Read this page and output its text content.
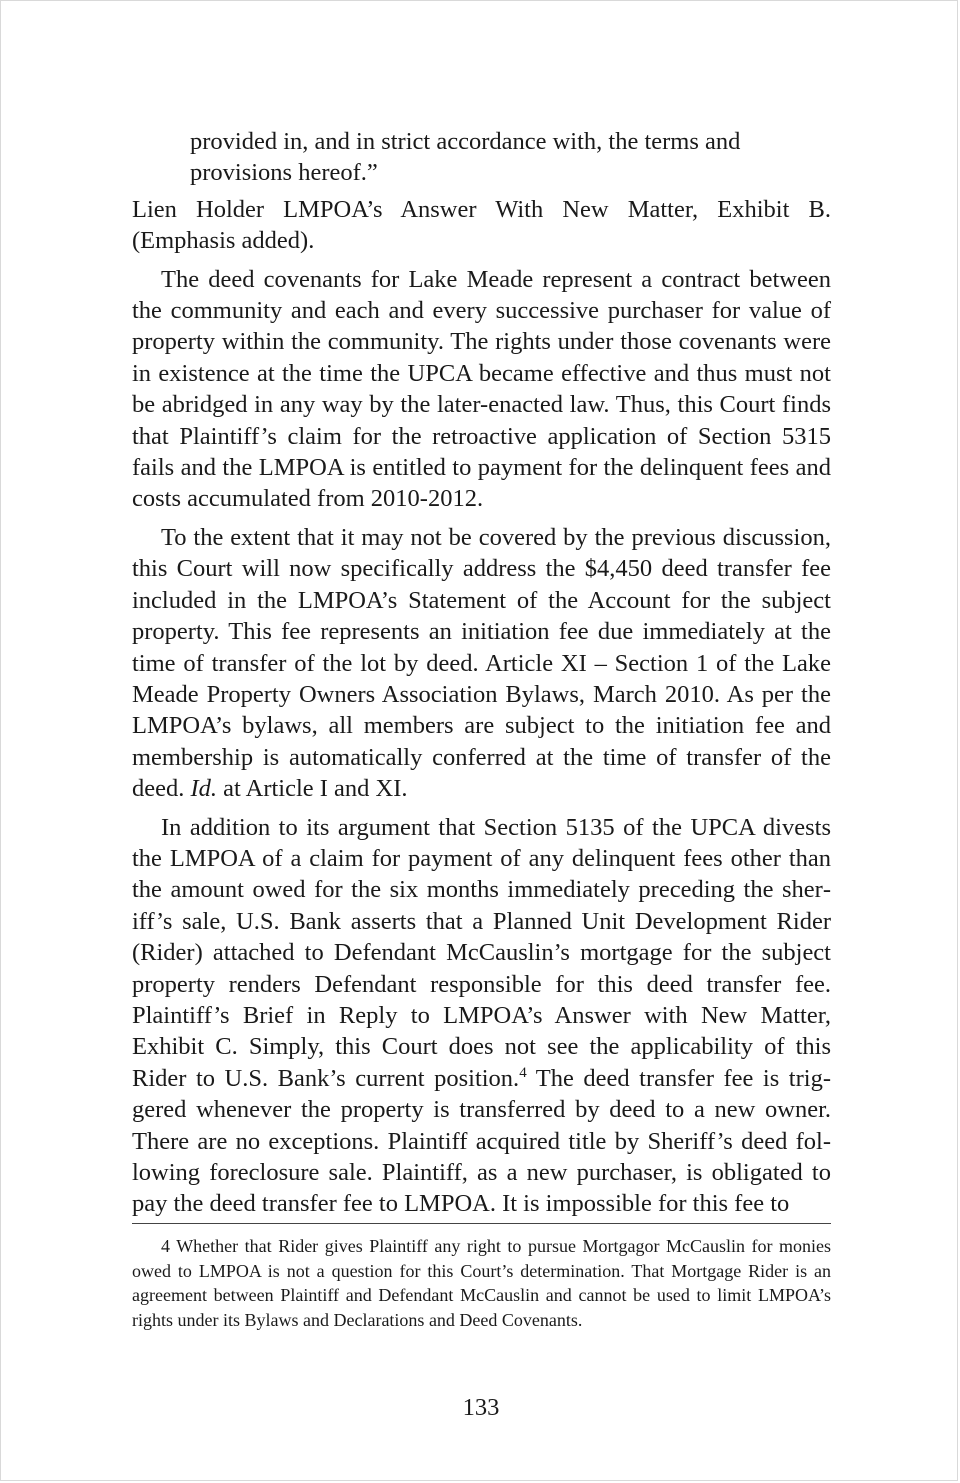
provided in, and in strict accordance with, the terms and
provisions hereof.”

Lien Holder LMPOA’s Answer With New Matter, Exhibit B. (Emphasis added).

The deed covenants for Lake Meade represent a contract between the community and each and every successive purchaser for value of property within the community. The rights under those covenants were in existence at the time the UPCA became effective and thus must not be abridged in any way by the later-enacted law. Thus, this Court finds that Plaintiff’s claim for the retroactive application of Section 5315 fails and the LMPOA is entitled to payment for the delinquent fees and costs accumulated from 2010-2012.

To the extent that it may not be covered by the previous discussion, this Court will now specifically address the $4,450 deed transfer fee included in the LMPOA’s Statement of the Account for the subject property. This fee represents an initiation fee due immediately at the time of transfer of the lot by deed. Article XI – Section 1 of the Lake Meade Property Owners Association Bylaws, March 2010. As per the LMPOA’s bylaws, all members are subject to the initiation fee and membership is automatically conferred at the time of transfer of the deed. Id. at Article I and XI.

In addition to its argument that Section 5135 of the UPCA divests the LMPOA of a claim for payment of any delinquent fees other than the amount owed for the six months immediately preceding the sheriff’s sale, U.S. Bank asserts that a Planned Unit Development Rider (Rider) attached to Defendant McCauslin’s mortgage for the subject property renders Defendant responsible for this deed transfer fee. Plaintiff’s Brief in Reply to LMPOA’s Answer with New Matter, Exhibit C. Simply, this Court does not see the applicability of this Rider to U.S. Bank’s current position.$^4$ The deed transfer fee is triggered whenever the property is transferred by deed to a new owner. There are no exceptions. Plaintiff acquired title by Sheriff’s deed following foreclosure sale. Plaintiff, as a new purchaser, is obligated to pay the deed transfer fee to LMPOA. It is impossible for this fee to

4 Whether that Rider gives Plaintiff any right to pursue Mortgagor McCauslin for monies owed to LMPOA is not a question for this Court’s determination. That Mortgage Rider is an agreement between Plaintiff and Defendant McCauslin and cannot be used to limit LMPOA’s rights under its Bylaws and Declarations and Deed Covenants.

133
